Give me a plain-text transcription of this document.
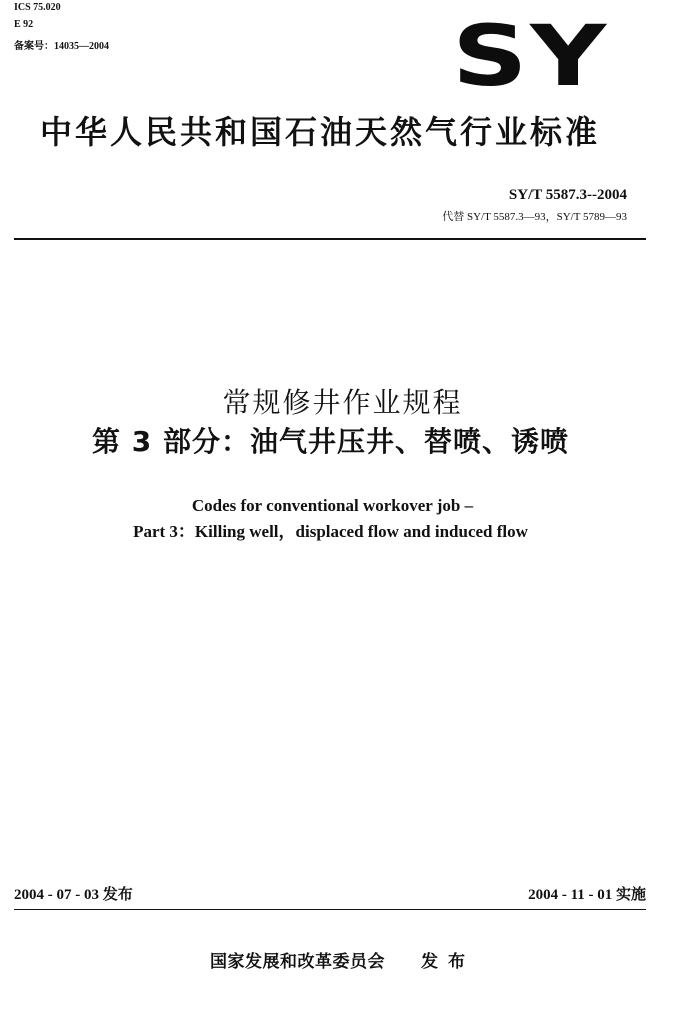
ICS 75.020
E 92
备案号：14035—2004	SY
中华人民共和国石油天然气行业标准
SY/T 5587.3--2004
代替 SY/T 5587.3—93，SY/T 5789—93
常规修井作业规程
第 3 部分：油气井压井、替喷、诱喷
Codes for conventional workover job –
Part 3：Killing well，displaced flow and induced flow
2004 - 07 - 03 发布	2004 - 11 - 01 实施
国家发展和改革委员会 发布
